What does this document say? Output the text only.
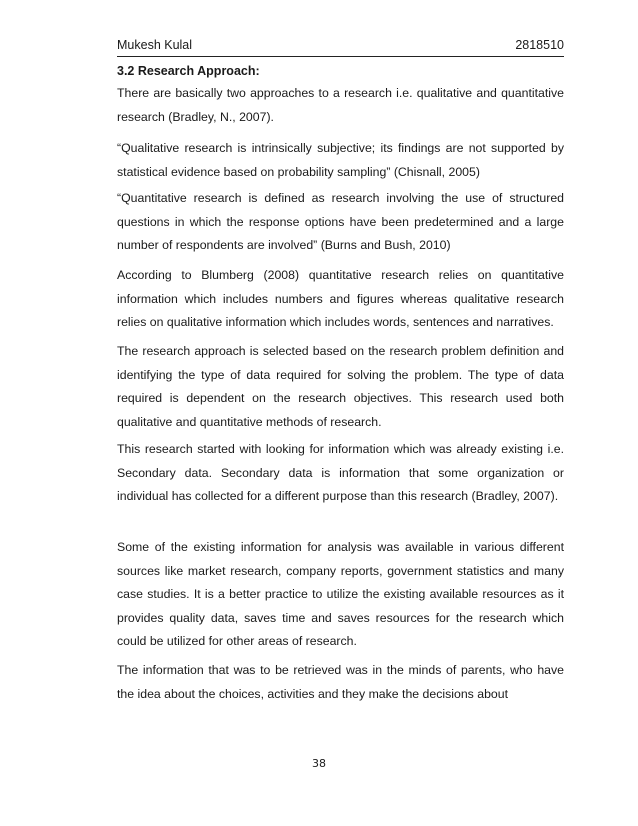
Mukesh Kulal	2818510
3.2 Research Approach:

There are basically two approaches to a research i.e. qualitative and quantitative research (Bradley, N., 2007).

“Qualitative research is intrinsically subjective; its findings are not supported by statistical evidence based on probability sampling” (Chisnall, 2005)

“Quantitative research is defined as research involving the use of structured questions in which the response options have been predetermined and a large number of respondents are involved” (Burns and Bush, 2010)

According to Blumberg (2008) quantitative research relies on quantitative information which includes numbers and figures whereas qualitative research relies on qualitative information which includes words, sentences and narratives.

The research approach is selected based on the research problem definition and identifying the type of data required for solving the problem. The type of data required is dependent on the research objectives. This research used both qualitative and quantitative methods of research.

This research started with looking for information which was already existing i.e. Secondary data. Secondary data is information that some organization or individual has collected for a different purpose than this research (Bradley, 2007).

Some of the existing information for analysis was available in various different sources like market research, company reports, government statistics and many case studies. It is a better practice to utilize the existing available resources as it provides quality data, saves time and saves resources for the research which could be utilized for other areas of research.

The information that was to be retrieved was in the minds of parents, who have the idea about the choices, activities and they make the decisions about

38
